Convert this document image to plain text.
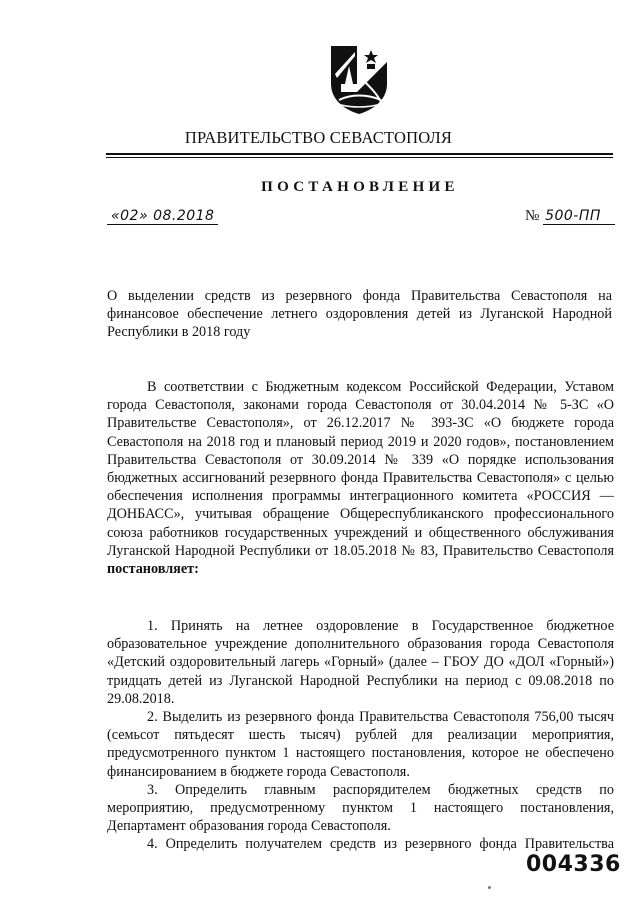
ПРАВИТЕЛЬСТВО СЕВАСТОПОЛЯ
ПОСТАНОВЛЕНИЕ
«02» 08.2018	№ 500-ПП
О выделении средств из резервного фонда Правительства Севастополя на финансовое обеспечение летнего оздоровления детей из Луганской Народной Республики в 2018 году

В соответствии с Бюджетным кодексом Российской Федерации, Уставом города Севастополя, законами города Севастополя от 30.04.2014 № 5-ЗС «О Правительстве Севастополя», от 26.12.2017 № 393-ЗС «О бюджете города Севастополя на 2018 год и плановый период 2019 и 2020 годов», постановлением Правительства Севастополя от 30.09.2014 № 339 «О порядке использования бюджетных ассигнований резервного фонда Правительства Севастополя» с целью обеспечения исполнения программы интеграционного комитета «РОССИЯ — ДОНБАСС», учитывая обращение Общереспубликанского профессионального союза работников государственных учреждений и общественного обслуживания Луганской Народной Республики от 18.05.2018 № 83, Правительство Севастополя постановляет:

1. Принять на летнее оздоровление в Государственное бюджетное образовательное учреждение дополнительного образования города Севастополя «Детский оздоровительный лагерь «Горный» (далее – ГБОУ ДО «ДОЛ «Горный») тридцать детей из Луганской Народной Республики на период с 09.08.2018 по 29.08.2018.

2. Выделить из резервного фонда Правительства Севастополя 756,00 тысяч (семьсот пятьдесят шесть тысяч) рублей для реализации мероприятия, предусмотренного пунктом 1 настоящего постановления, которое не обеспечено финансированием в бюджете города Севастополя.

3. Определить главным распорядителем бюджетных средств по мероприятию, предусмотренному пунктом 1 настоящего постановления, Департамент образования города Севастополя.

4. Определить получателем средств из резервного фонда Правительства

004336
